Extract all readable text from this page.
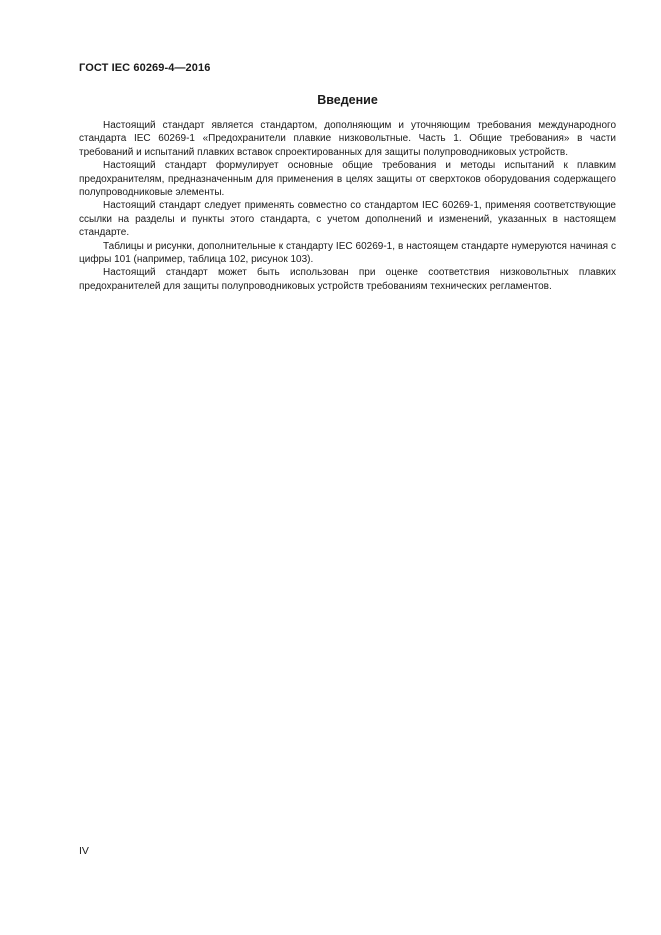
ГОСТ IEC 60269-4—2016
Введение

Настоящий стандарт является стандартом, дополняющим и уточняющим требования международного стандарта IEC 60269-1 «Предохранители плавкие низковольтные. Часть 1. Общие требования» в части требований и испытаний плавких вставок спроектированных для защиты полупроводниковых устройств.

Настоящий стандарт формулирует основные общие требования и методы испытаний к плавким предохранителям, предназначенным для применения в целях защиты от сверхтоков оборудования содержащего полупроводниковые элементы.

Настоящий стандарт следует применять совместно со стандартом IEC 60269-1, применяя соответствующие ссылки на разделы и пункты этого стандарта, с учетом дополнений и изменений, указанных в настоящем стандарте.

Таблицы и рисунки, дополнительные к стандарту IEC 60269-1, в настоящем стандарте нумеруются начиная с цифры 101 (например, таблица 102, рисунок 103).

Настоящий стандарт может быть использован при оценке соответствия низковольтных плавких предохранителей для защиты полупроводниковых устройств требованиям технических регламентов.

IV
